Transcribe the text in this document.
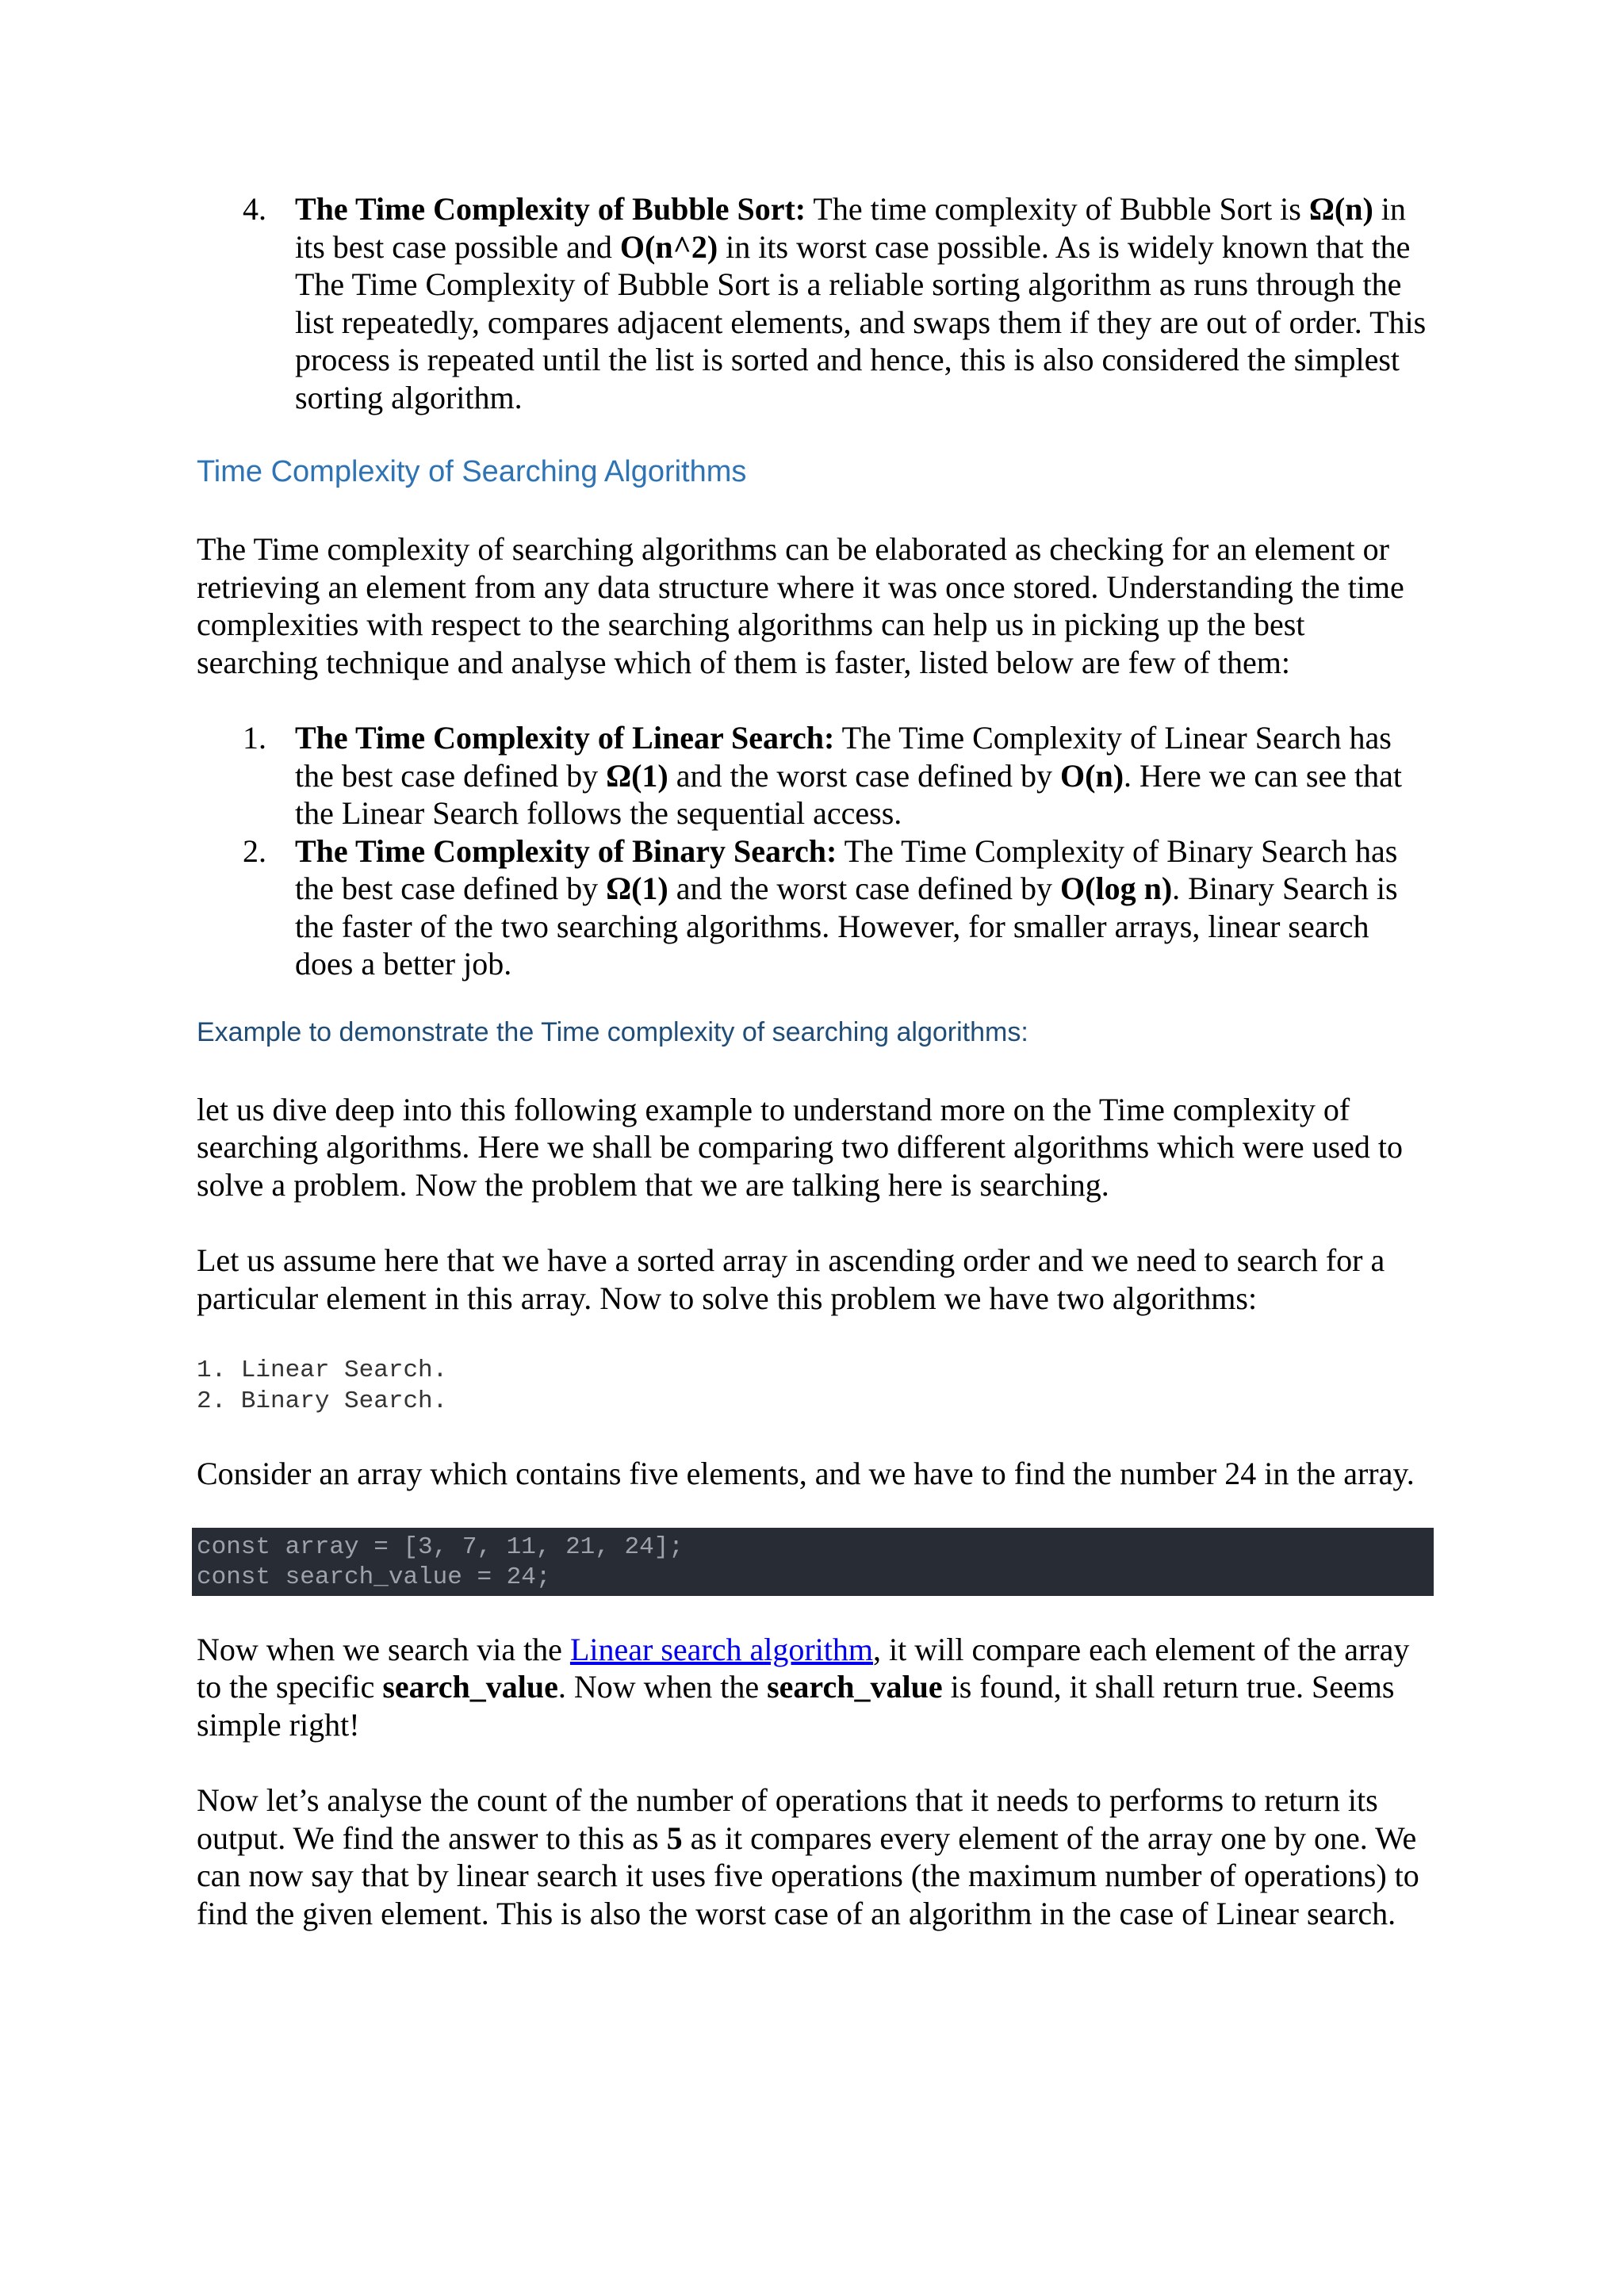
4. The Time Complexity of Bubble Sort: The time complexity of Bubble Sort is Ω(n) in its best case possible and O(n^2) in its worst case possible. As is widely known that the The Time Complexity of Bubble Sort is a reliable sorting algorithm as runs through the list repeatedly, compares adjacent elements, and swaps them if they are out of order. This process is repeated until the list is sorted and hence, this is also considered the simplest sorting algorithm.
Time Complexity of Searching Algorithms

The Time complexity of searching algorithms can be elaborated as checking for an element or retrieving an element from any data structure where it was once stored. Understanding the time complexities with respect to the searching algorithms can help us in picking up the best searching technique and analyse which of them is faster, listed below are few of them:

1. The Time Complexity of Linear Search: The Time Complexity of Linear Search has the best case defined by Ω(1) and the worst case defined by O(n). Here we can see that the Linear Search follows the sequential access.
2. The Time Complexity of Binary Search: The Time Complexity of Binary Search has the best case defined by Ω(1) and the worst case defined by O(log n). Binary Search is the faster of the two searching algorithms. However, for smaller arrays, linear search does a better job.
Example to demonstrate the Time complexity of searching algorithms:

let us dive deep into this following example to understand more on the Time complexity of searching algorithms. Here we shall be comparing two different algorithms which were used to solve a problem. Now the problem that we are talking here is searching.

Let us assume here that we have a sorted array in ascending order and we need to search for a particular element in this array. Now to solve this problem we have two algorithms:

1. Linear Search.
2. Binary Search.

Consider an array which contains five elements, and we have to find the number 24 in the array.

const array = [3, 7, 11, 21, 24];
const search_value = 24;

Now when we search via the Linear search algorithm, it will compare each element of the array to the specific search_value. Now when the search_value is found, it shall return true. Seems simple right!

Now let’s analyse the count of the number of operations that it needs to performs to return its output. We find the answer to this as 5 as it compares every element of the array one by one. We can now say that by linear search it uses five operations (the maximum number of operations) to find the given element. This is also the worst case of an algorithm in the case of Linear search.
